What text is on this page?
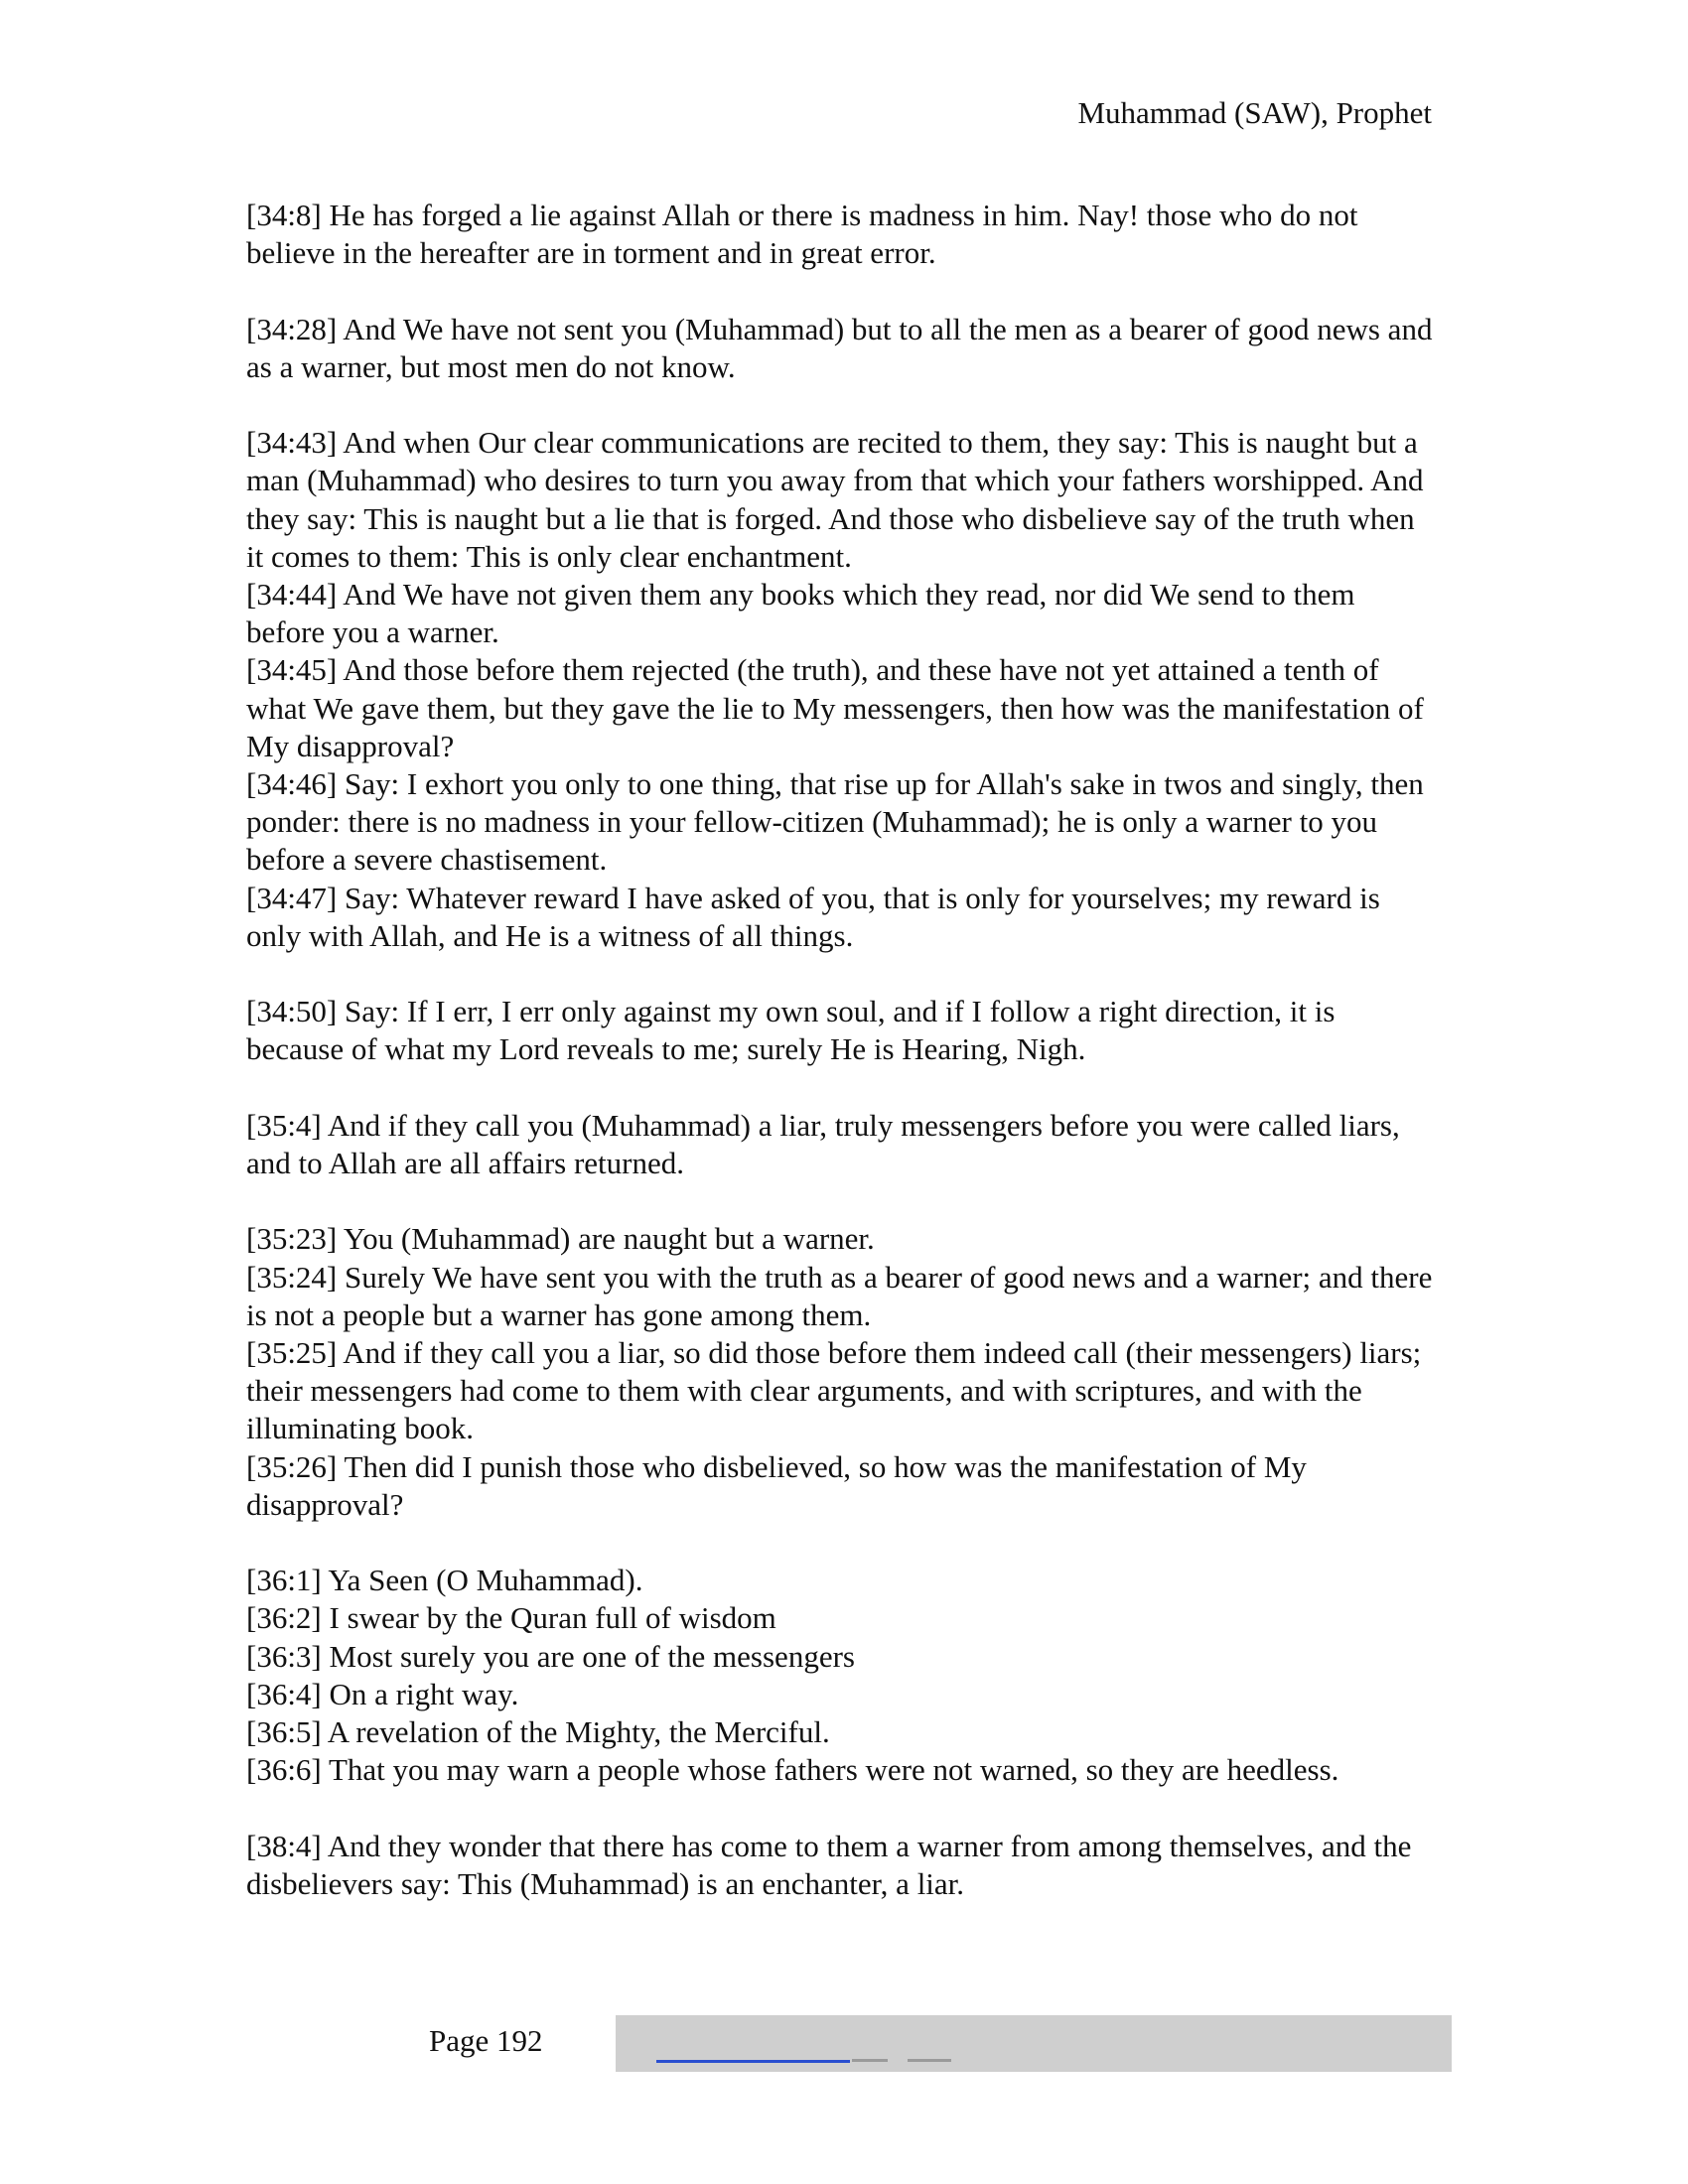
Muhammad (SAW), Prophet
[34:8] He has forged a lie against Allah or there is madness in him. Nay! those who do not believe in the hereafter are in torment and in great error.
[34:28] And We have not sent you (Muhammad) but to all the men as a bearer of good news and as a warner, but most men do not know.
[34:43] And when Our clear communications are recited to them, they say: This is naught but a man (Muhammad) who desires to turn you away from that which your fathers worshipped. And they say: This is naught but a lie that is forged. And those who disbelieve say of the truth when it comes to them: This is only clear enchantment.
[34:44] And We have not given them any books which they read, nor did We send to them before you a warner.
[34:45] And those before them rejected (the truth), and these have not yet attained a tenth of what We gave them, but they gave the lie to My messengers, then how was the manifestation of My disapproval?
[34:46] Say: I exhort you only to one thing, that rise up for Allah's sake in twos and singly, then ponder: there is no madness in your fellow-citizen (Muhammad); he is only a warner to you before a severe chastisement.
[34:47] Say: Whatever reward I have asked of you, that is only for yourselves; my reward is only with Allah, and He is a witness of all things.
[34:50] Say: If I err, I err only against my own soul, and if I follow a right direction, it is because of what my Lord reveals to me; surely He is Hearing, Nigh.
[35:4] And if they call you (Muhammad) a liar, truly messengers before you were called liars, and to Allah are all affairs returned.
[35:23] You (Muhammad) are naught but a warner.
[35:24] Surely We have sent you with the truth as a bearer of good news and a warner; and there is not a people but a warner has gone among them.
[35:25] And if they call you a liar, so did those before them indeed call (their messengers) liars; their messengers had come to them with clear arguments, and with scriptures, and with the illuminating book.
[35:26] Then did I punish those who disbelieved, so how was the manifestation of My disapproval?
[36:1] Ya Seen (O Muhammad).
[36:2] I swear by the Quran full of wisdom
[36:3] Most surely you are one of the messengers
[36:4] On a right way.
[36:5] A revelation of the Mighty, the Merciful.
[36:6] That you may warn a people whose fathers were not warned, so they are heedless.
[38:4] And they wonder that there has come to them a warner from among themselves, and the disbelievers say: This (Muhammad) is an enchanter, a liar.
Page 192
